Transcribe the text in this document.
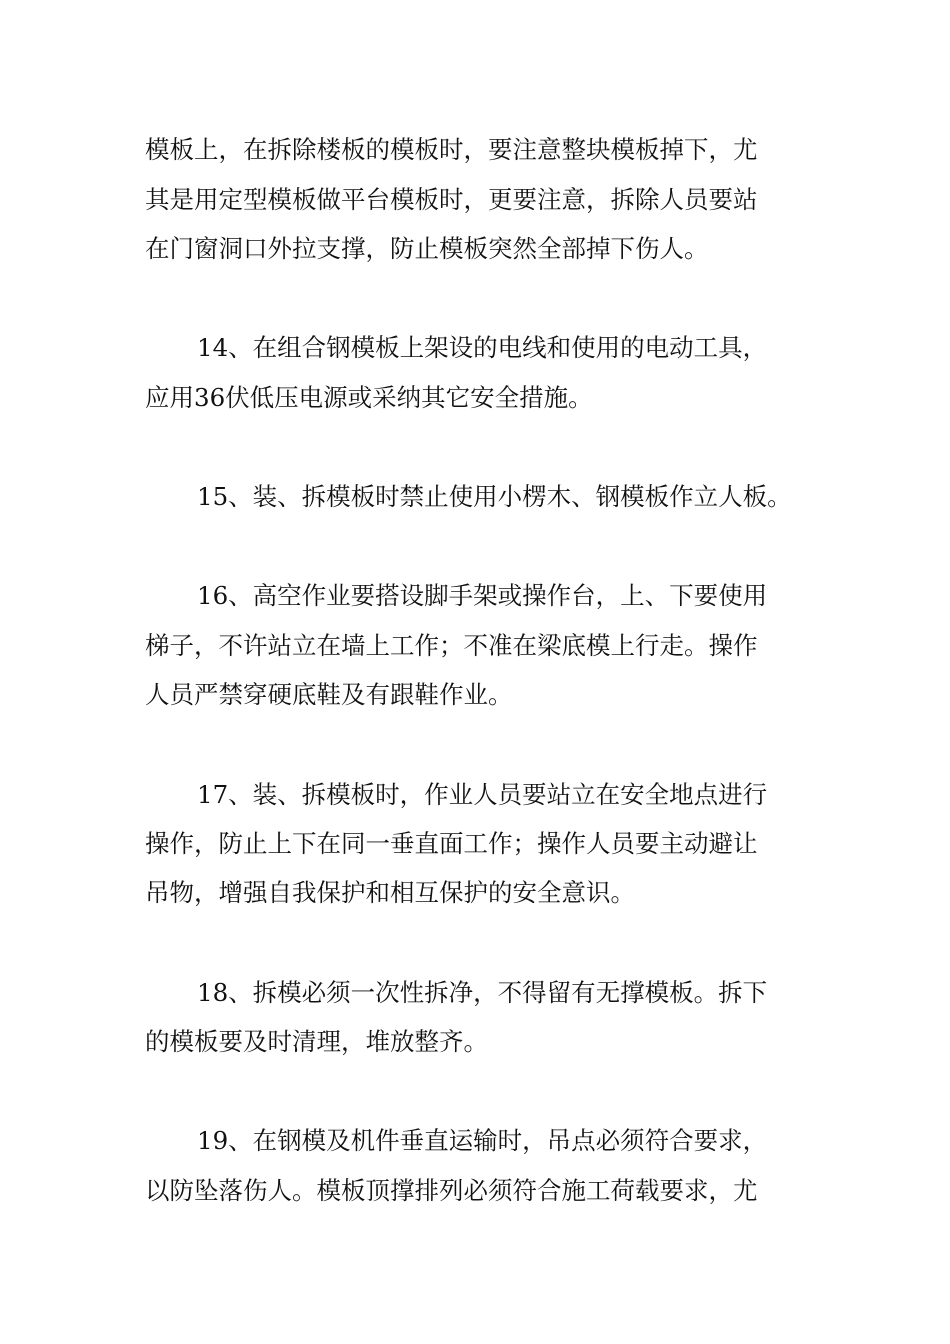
模板上，在拆除楼板的模板时，要注意整块模板掉下，尤
其是用定型模板做平台模板时，更要注意，拆除人员要站
在门窗洞口外拉支撑，防止模板突然全部掉下伤人。
14、在组合钢模板上架设的电线和使用的电动工具，
应用36伏低压电源或采纳其它安全措施。
15、装、拆模板时禁止使用小楞木、钢模板作立人板。
16、高空作业要搭设脚手架或操作台，上、下要使用
梯子，不许站立在墙上工作；不准在梁底模上行走。操作
人员严禁穿硬底鞋及有跟鞋作业。
17、装、拆模板时，作业人员要站立在安全地点进行
操作，防止上下在同一垂直面工作；操作人员要主动避让
吊物，增强自我保护和相互保护的安全意识。
18、拆模必须一次性拆净，不得留有无撑模板。拆下
的模板要及时清理，堆放整齐。
19、在钢模及机件垂直运输时，吊点必须符合要求，
以防坠落伤人。模板顶撑排列必须符合施工荷载要求，尤
